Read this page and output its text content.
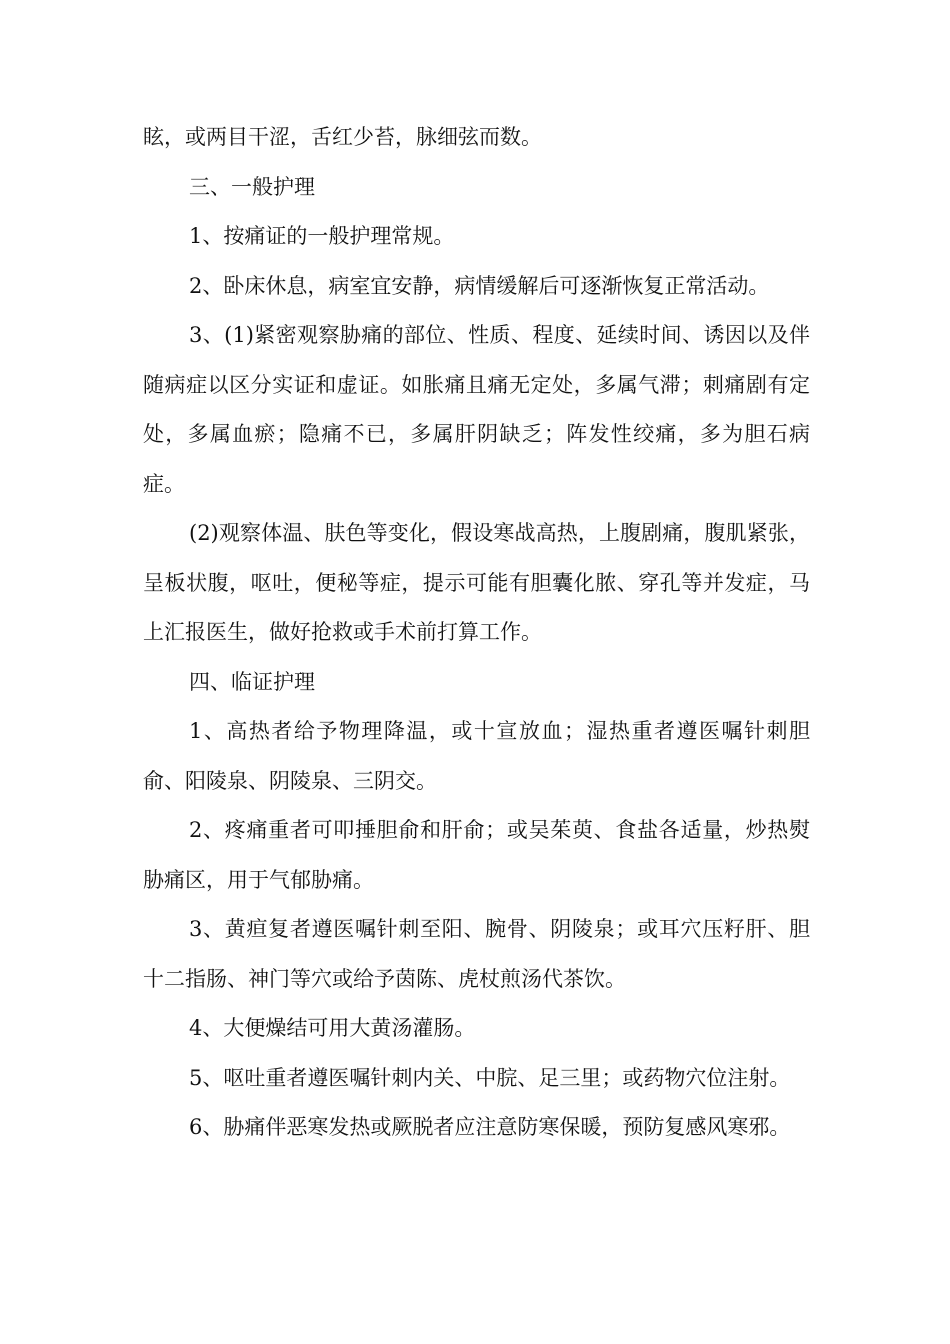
眩，或两目干涩，舌红少苔，脉细弦而数。

三、一般护理

1、按痛证的一般护理常规。

2、卧床休息，病室宜安静，病情缓解后可逐渐恢复正常活动。

3、(1)紧密观察胁痛的部位、性质、程度、延续时间、诱因以及伴随病症以区分实证和虚证。如胀痛且痛无定处，多属气滞；刺痛剧有定处，多属血瘀；隐痛不已，多属肝阴缺乏；阵发性绞痛，多为胆石病症。

(2)观察体温、肤色等变化，假设寒战高热，上腹剧痛，腹肌紧张，呈板状腹，呕吐，便秘等症，提示可能有胆囊化脓、穿孔等并发症，马上汇报医生，做好抢救或手术前打算工作。

四、临证护理

1、高热者给予物理降温，或十宣放血；湿热重者遵医嘱针刺胆俞、阳陵泉、阴陵泉、三阴交。

2、疼痛重者可叩捶胆俞和肝俞；或吴茱萸、食盐各适量，炒热熨胁痛区，用于气郁胁痛。

3、黄疸复者遵医嘱针刺至阳、腕骨、阴陵泉；或耳穴压籽肝、胆十二指肠、神门等穴或给予茵陈、虎杖煎汤代茶饮。

4、大便燥结可用大黄汤灌肠。

5、呕吐重者遵医嘱针刺内关、中脘、足三里；或药物穴位注射。

6、胁痛伴恶寒发热或厥脱者应注意防寒保暖，预防复感风寒邪。
